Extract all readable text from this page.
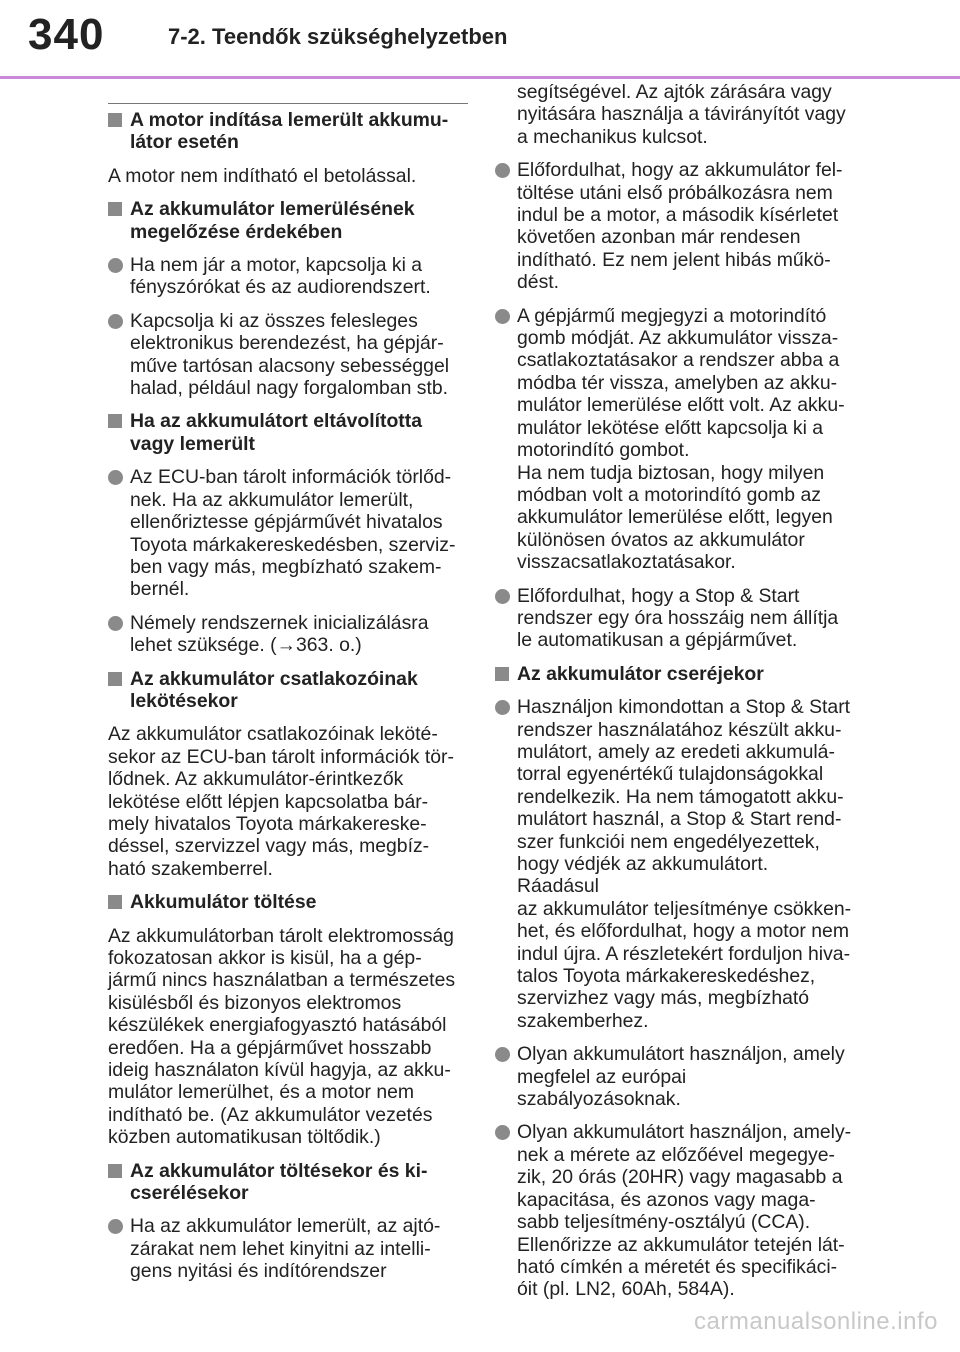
340	7-2. Teendők szükséghelyzetben
A motor indítása lemerült akkumu-
látor esetén
A motor nem indítható el betolással.
Az akkumulátor lemerülésének
megelőzése érdekében
Ha nem jár a motor, kapcsolja ki a
fényszórókat és az audiorendszert.
Kapcsolja ki az összes felesleges
elektronikus berendezést, ha gépjár-
műve tartósan alacsony sebességgel
halad, például nagy forgalomban stb.
Ha az akkumulátort eltávolította
vagy lemerült
Az ECU-ban tárolt információk törlőd-
nek. Ha az akkumulátor lemerült,
ellenőriztesse gépjárművét hivatalos
Toyota márkakereskedésben, szerviz-
ben vagy más, megbízható szakem-
bernél.
Némely rendszernek inicializálásra
lehet szüksége. (→363. o.)
Az akkumulátor csatlakozóinak
lekötésekor
Az akkumulátor csatlakozóinak leköté-
sekor az ECU-ban tárolt információk tör-
lődnek. Az akkumulátor-érintkezők
lekötése előtt lépjen kapcsolatba bár-
mely hivatalos Toyota márkakereske-
déssel, szervizzel vagy más, megbíz-
ható szakemberrel.
Akkumulátor töltése
Az akkumulátorban tárolt elektromosság
fokozatosan akkor is kisül, ha a gép-
jármű nincs használatban a természetes
kisülésből és bizonyos elektromos
készülékek energiafogyasztó hatásából
eredően. Ha a gépjárművet hosszabb
ideig használaton kívül hagyja, az akku-
mulátor lemerülhet, és a motor nem
indítható be. (Az akkumulátor vezetés
közben automatikusan töltődik.)
Az akkumulátor töltésekor és ki-
cserélésekor
Ha az akkumulátor lemerült, az ajtó-
zárakat nem lehet kinyitni az intelli-
gens nyitási és indítórendszer
segítségével. Az ajtók zárására vagy
nyitására használja a távirányítót vagy
a mechanikus kulcsot.
Előfordulhat, hogy az akkumulátor fel-
töltése utáni első próbálkozásra nem
indul be a motor, a második kísérletet
követően azonban már rendesen
indítható. Ez nem jelent hibás műkö-
dést.
A gépjármű megjegyzi a motorindító
gomb módját. Az akkumulátor vissza-
csatlakoztatásakor a rendszer abba a
módba tér vissza, amelyben az akku-
mulátor lemerülése előtt volt. Az akku-
mulátor lekötése előtt kapcsolja ki a
motorindító gombot.
Ha nem tudja biztosan, hogy milyen
módban volt a motorindító gomb az
akkumulátor lemerülése előtt, legyen
különösen óvatos az akkumulátor
visszacsatlakoztatásakor.
Előfordulhat, hogy a Stop & Start
rendszer egy óra hosszáig nem állítja
le automatikusan a gépjárművet.
Az akkumulátor cseréjekor
Használjon kimondottan a Stop & Start
rendszer használatához készült akku-
mulátort, amely az eredeti akkumulá-
torral egyenértékű tulajdonságokkal
rendelkezik. Ha nem támogatott akku-
mulátort használ, a Stop & Start rend-
szer funkciói nem engedélyezettek,
hogy védjék az akkumulátort. Ráadásul
az akkumulátor teljesítménye csökken-
het, és előfordulhat, hogy a motor nem
indul újra. A részletekért forduljon hiva-
talos Toyota márkakereskedéshez,
szervizhez vagy más, megbízható
szakemberhez.
Olyan akkumulátort használjon, amely
megfelel az európai szabályozásoknak.
Olyan akkumulátort használjon, amely-
nek a mérete az előzőével megegye-
zik, 20 órás (20HR) vagy magasabb a
kapacitása, és azonos vagy maga-
sabb teljesítmény-osztályú (CCA).
Ellenőrizze az akkumulátor tetején lát-
ható címkén a méretét és specifikáci-
óit (pl. LN2, 60Ah, 584A).
carmanualsonline.info
